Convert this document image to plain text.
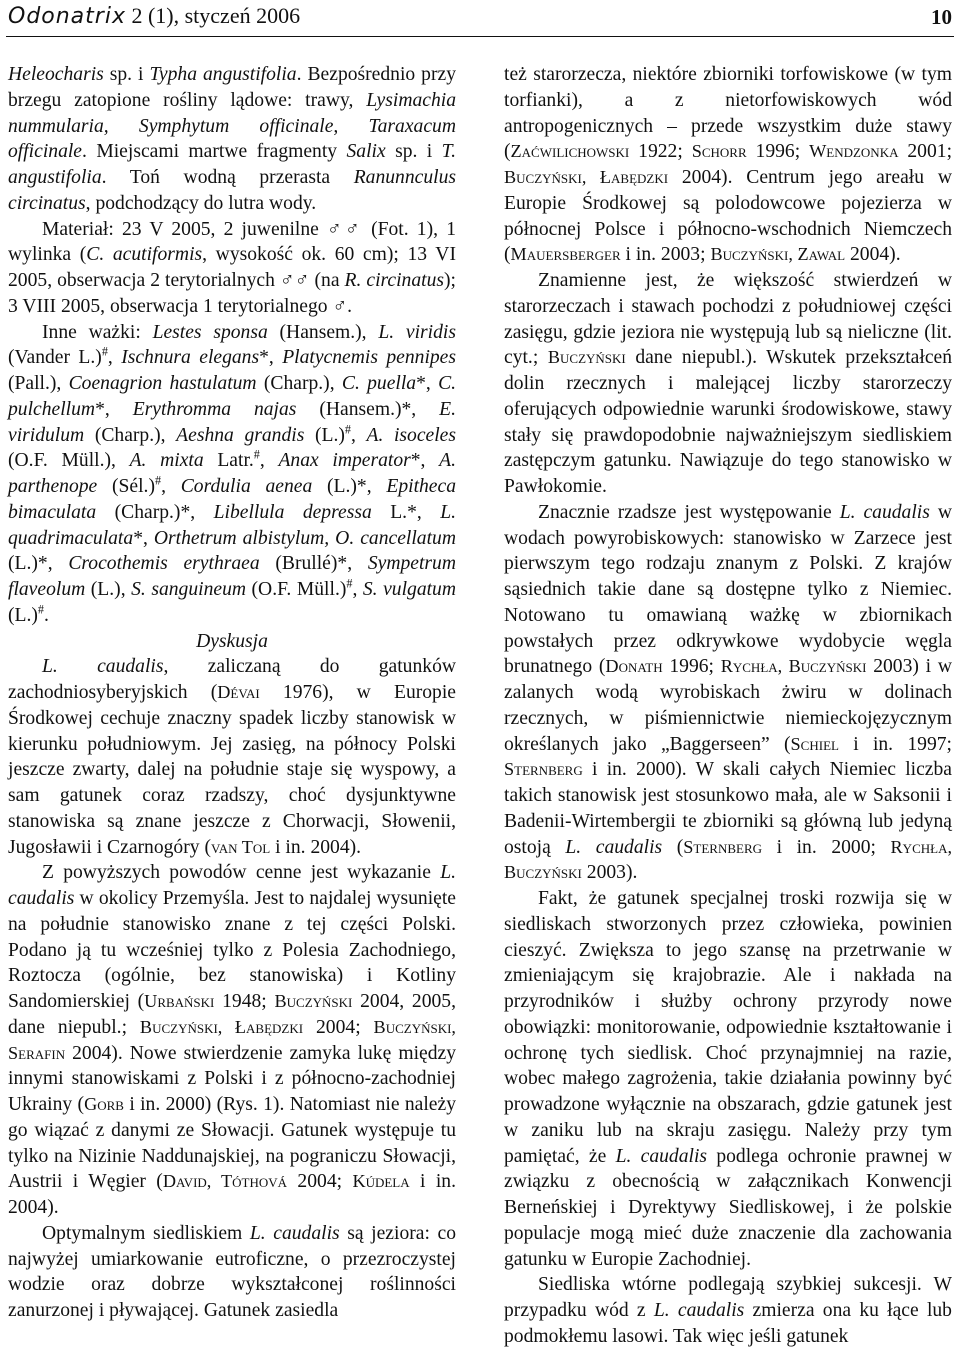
Odonatrix 2 (1), styczeń 2006	10

Heleocharis sp. i Typha angustifolia. Bezpośrednio przy brzegu zatopione rośliny lądowe: trawy, Lysimachia nummularia, Symphytum officinale, Taraxacum officinale. Miejscami martwe fragmenty Salix sp. i T. angustifolia. Toń wodną przerasta Ranunnculus circinatus, podchodzący do lutra wody.

Materiał: 23 V 2005, 2 juwenilne ♂♂ (Fot. 1), 1 wylinka (C. acutiformis, wysokość ok. 60 cm); 13 VI 2005, obserwacja 2 terytorialnych ♂♂ (na R. circinatus); 3 VIII 2005, obserwacja 1 terytorialnego ♂.

Inne ważki: Lestes sponsa (Hansem.), L. viridis (Vander L.)#, Ischnura elegans*, Platycnemis pennipes (Pall.), Coenagrion hastulatum (Charp.), C. puella*, C. pulchellum*, Erythromma najas (Hansem.)*, E. viridulum (Charp.), Aeshna grandis (L.)#, A. isoceles (O.F. Müll.), A. mixta Latr.#, Anax imperator*, A. parthenope (Sél.)#, Cordulia aenea (L.)*, Epitheca bimaculata (Charp.)*, Libellula depressa L.*, L. quadrimaculata*, Orthetrum albistylum, O. cancellatum (L.)*, Crocothemis erythraea (Brullé)*, Sympetrum flaveolum (L.), S. sanguineum (O.F. Müll.)#, S. vulgatum (L.)#.

Dyskusja

L. caudalis, zaliczaną do gatunków zachodniosyberyjskich (Dévai 1976), w Europie Środkowej cechuje znaczny spadek liczby stanowisk w kierunku południowym. Jej zasięg, na północy Polski jeszcze zwarty, dalej na południe staje się wyspowy, a sam gatunek coraz rzadszy, choć dysjunktywne stanowiska są znane jeszcze z Chorwacji, Słowenii, Jugosławii i Czarnogóry (van Tol i in. 2004).

Z powyższych powodów cenne jest wykazanie L. caudalis w okolicy Przemyśla. Jest to najdalej wysunięte na południe stanowisko znane z tej części Polski. Podano ją tu wcześniej tylko z Polesia Zachodniego, Roztocza (ogólnie, bez stanowiska) i Kotliny Sandomierskiej (Urbański 1948; Buczyński 2004, 2005, dane niepubl.; Buczyński, Łabędzki 2004; Buczyński, Serafin 2004). Nowe stwierdzenie zamyka lukę między innymi stanowiskami z Polski i z północno-zachodniej Ukrainy (Gorb i in. 2000) (Rys. 1). Natomiast nie należy go wiązać z danymi ze Słowacji. Gatunek występuje tu tylko na Nizinie Naddunajskiej, na pograniczu Słowacji, Austrii i Węgier (David, Tóthová 2004; Kúdela i in. 2004).

Optymalnym siedliskiem L. caudalis są jeziora: co najwyżej umiarkowanie eutroficzne, o przezroczystej wodzie oraz dobrze wykształconej roślinności zanurzonej i pływającej. Gatunek zasiedla

też starorzecza, niektóre zbiorniki torfowiskowe (w tym torfianki), a z nietorfowiskowych wód antropogenicznych – przede wszystkim duże stawy (Zaćwilichowski 1922; Schorr 1996; Wendzonka 2001; Buczyński, Łabędzki 2004). Centrum jego areału w Europie Środkowej są polodowcowe pojezierza w północnej Polsce i północno-wschodnich Niemczech (Mauersberger i in. 2003; Buczyński, Zawal 2004).

Znamienne jest, że większość stwierdzeń w starorzeczach i stawach pochodzi z południowej części zasięgu, gdzie jeziora nie występują lub są nieliczne (lit. cyt.; Buczyński dane niepubl.). Wskutek przekształceń dolin rzecznych i malejącej liczby starorzeczy oferujących odpowiednie warunki środowiskowe, stawy stały się prawdopodobnie najważniejszym siedliskiem zastępczym gatunku. Nawiązuje do tego stanowisko w Pawłokomie.

Znacznie rzadsze jest występowanie L. caudalis w wodach powyrobiskowych: stanowisko w Zarzece jest pierwszym tego rodzaju znanym z Polski. Z krajów sąsiednich takie dane są dostępne tylko z Niemiec. Notowano tu omawianą ważkę w zbiornikach powstałych przez odkrywkowe wydobycie węgla brunatnego (Donath 1996; Rychła, Buczyński 2003) i w zalanych wodą wyrobiskach żwiru w dolinach rzecznych, w piśmiennictwie niemieckojęzycznym określanych jako „Baggerseen” (Schiel i in. 1997; Sternberg i in. 2000). W skali całych Niemiec liczba takich stanowisk jest stosunkowo mała, ale w Saksonii i Badenii-Wirtembergii te zbiorniki są główną lub jedyną ostoją L. caudalis (Sternberg i in. 2000; Rychła, Buczyński 2003).

Fakt, że gatunek specjalnej troski rozwija się w siedliskach stworzonych przez człowieka, powinien cieszyć. Zwiększa to jego szansę na przetrwanie w zmieniającym się krajobrazie. Ale i nakłada na przyrodników i służby ochrony przyrody nowe obowiązki: monitorowanie, odpowiednie kształtowanie i ochronę tych siedlisk. Choć przynajmniej na razie, wobec małego zagrożenia, takie działania powinny być prowadzone wyłącznie na obszarach, gdzie gatunek jest w zaniku lub na skraju zasięgu. Należy przy tym pamiętać, że L. caudalis podlega ochronie prawnej w związku z obecnością w załącznikach Konwencji Berneńskiej i Dyrektywy Siedliskowej, i że polskie populacje mogą mieć duże znaczenie dla zachowania gatunku w Europie Zachodniej.

Siedliska wtórne podlegają szybkiej sukcesji. W przypadku wód z L. caudalis zmierza ona ku łące lub podmokłemu lasowi. Tak więc jeśli gatunek
